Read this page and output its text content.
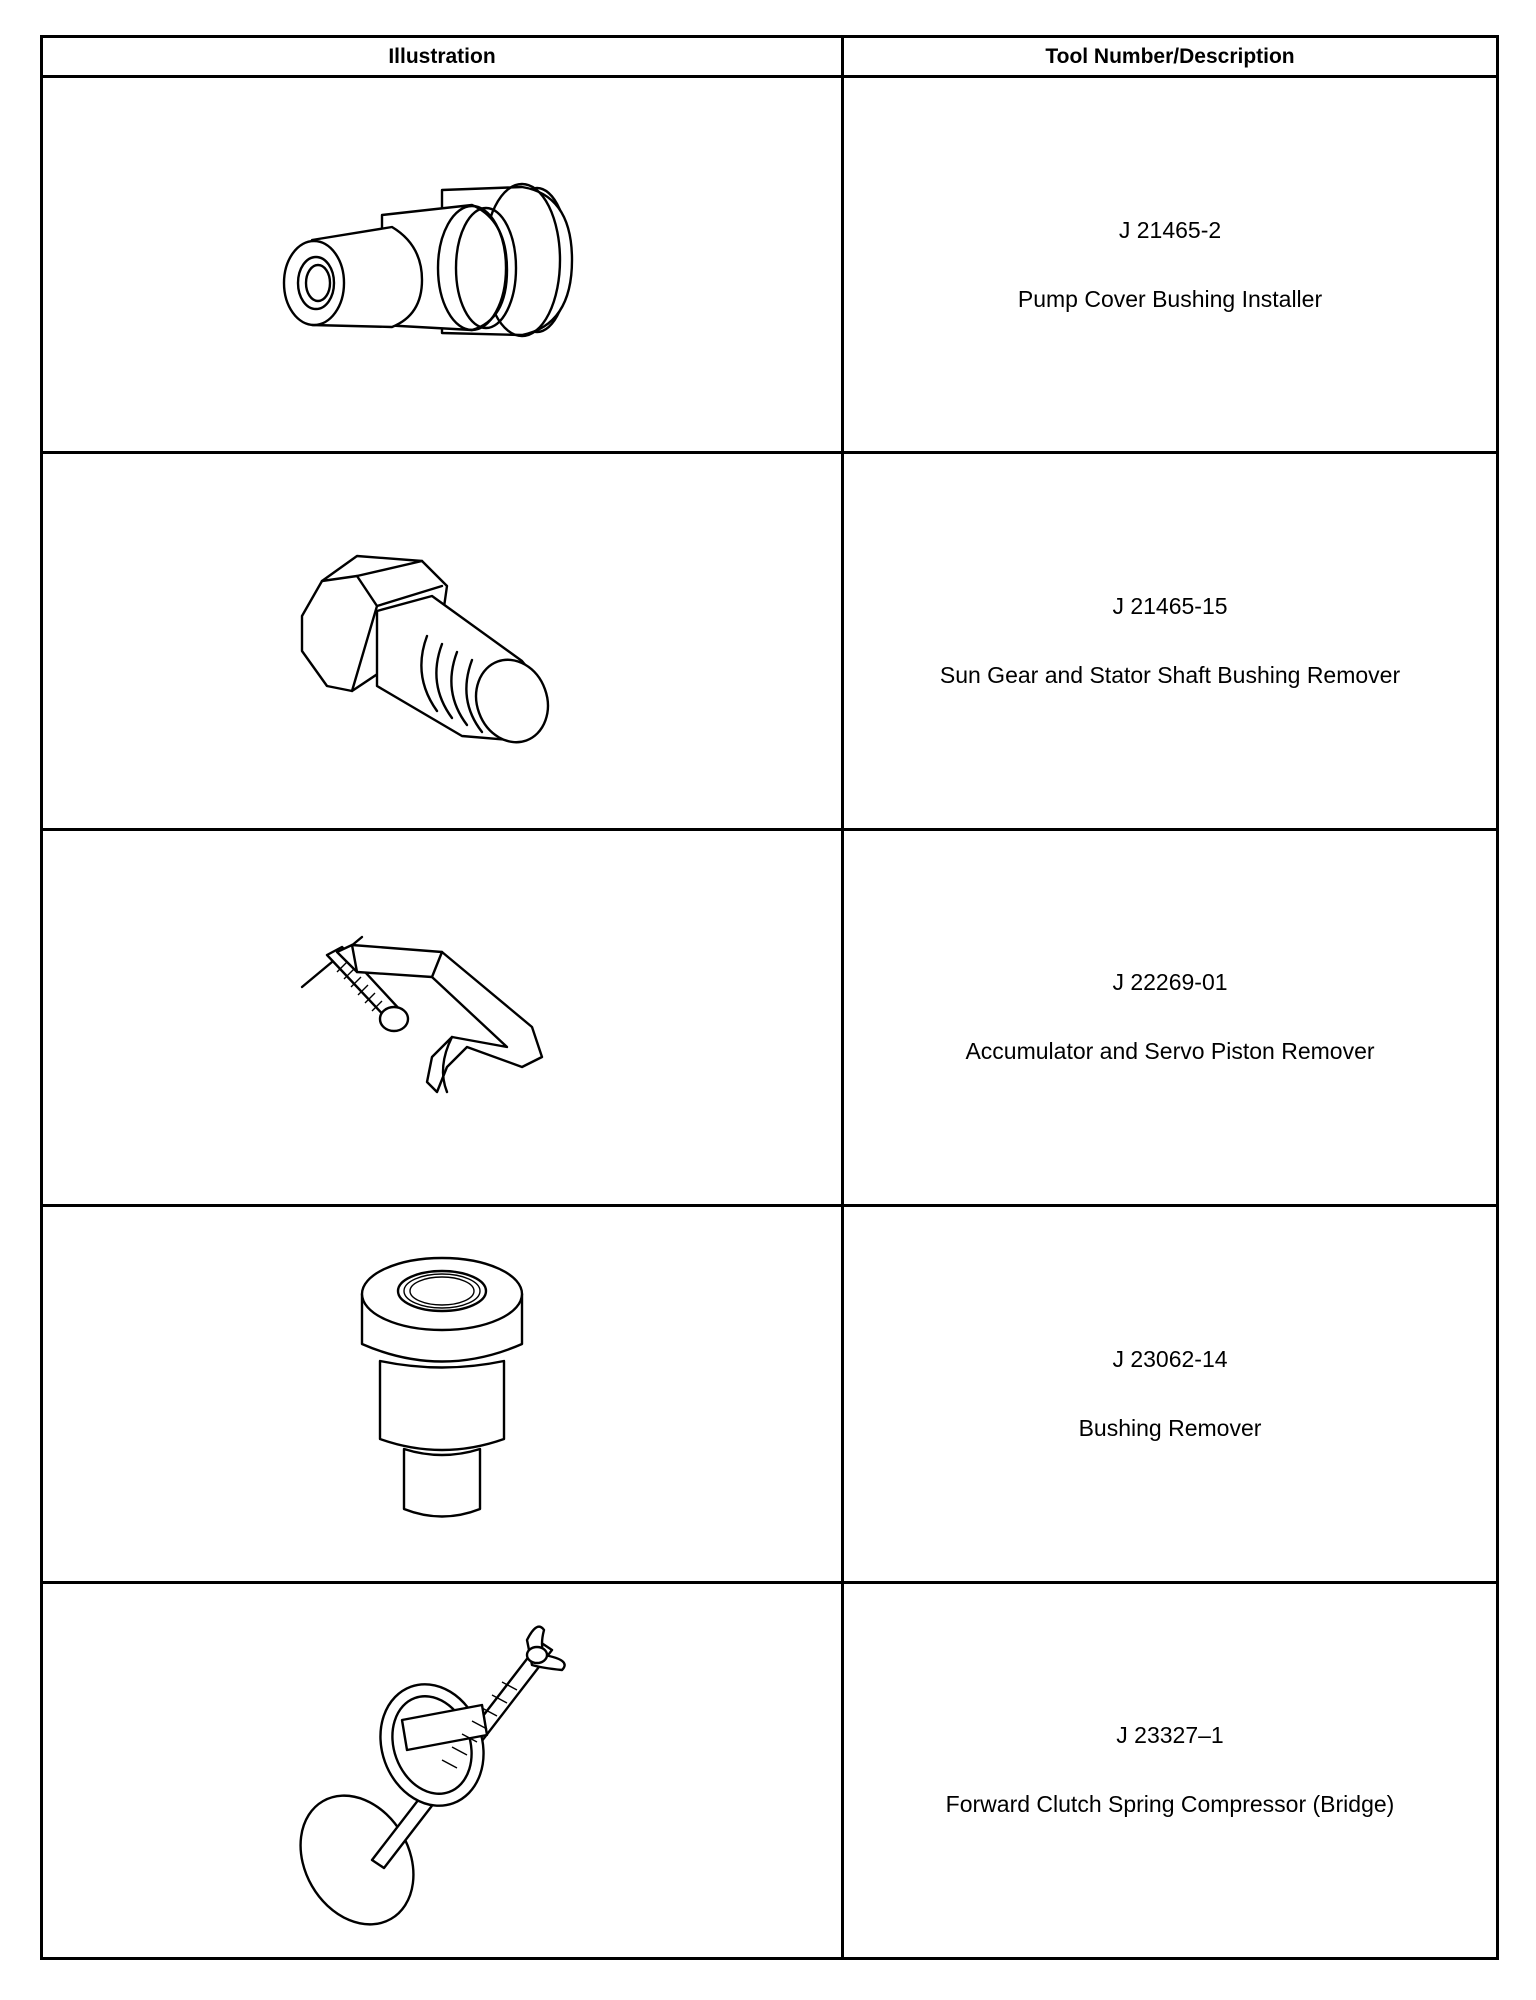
Illustration	Tool Number/Description

J 21465-2
Pump Cover Bushing Installer

J 21465-15
Sun Gear and Stator Shaft Bushing Remover

J 22269-01
Accumulator and Servo Piston Remover

J 23062-14
Bushing Remover

J 23327–1
Forward Clutch Spring Compressor (Bridge)
